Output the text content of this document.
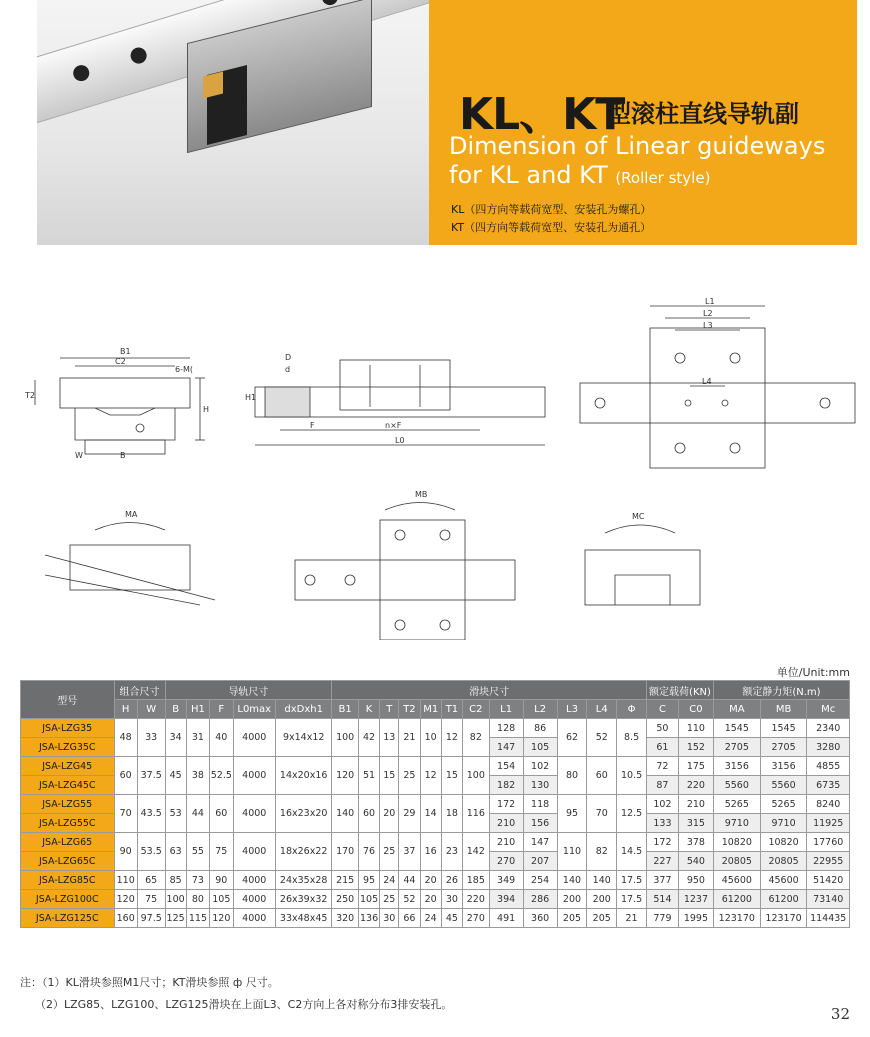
KL、KT
型滚柱直线导轨副
Dimension of Linear guideways
for KL and KT (Roller style)
KL（四方向等载荷宽型、安装孔为螺孔）
KT（四方向等载荷宽型、安装孔为通孔）
B1
C2
6-M(
T2
H
W	B
D
d
H1
F	n×F
L0
L1
L2
L3
L4
MA
MB
MC
单位/Unit:mm
型号	组合尺寸		导轨尺寸					滑块尺寸												额定载荷(KN)		额定静力矩(N.m)		
	H	W	B	H1	F	L0max	dxDxh1	B1	K	T	T2	M1	T1	C2	L1	L2	L3	L4	Φ	C	C0	MA	MB	Mc
JSA-LZG35	48	33	34	31	40	4000	9x14x12	100	42	13	21	10	12	82	128	86	62	52	8.5	50	110	1545	1545	2340
JSA-LZG35C															147	105				61	152	2705	2705	3280
JSA-LZG45	60	37.5	45	38	52.5	4000	14x20x16	120	51	15	25	12	15	100	154	102	80	60	10.5	72	175	3156	3156	4855
JSA-LZG45C															182	130				87	220	5560	5560	6735
JSA-LZG55	70	43.5	53	44	60	4000	16x23x20	140	60	20	29	14	18	116	172	118	95	70	12.5	102	210	5265	5265	8240
JSA-LZG55C															210	156				133	315	9710	9710	11925
JSA-LZG65	90	53.5	63	55	75	4000	18x26x22	170	76	25	37	16	23	142	210	147	110	82	14.5	172	378	10820	10820	17760
JSA-LZG65C															270	207				227	540	20805	20805	22955
JSA-LZG85C	110	65	85	73	90	4000	24x35x28	215	95	24	44	20	26	185	349	254	140	140	17.5	377	950	45600	45600	51420
JSA-LZG100C	120	75	100	80	105	4000	26x39x32	250	105	25	52	20	30	220	394	286	200	200	17.5	514	1237	61200	61200	73140
JSA-LZG125C	160	97.5	125	115	120	4000	33x48x45	320	136	30	66	24	45	270	491	360	205	205	21	779	1995	123170	123170	114435
注：（1）KL滑块参照M1尺寸；KT滑块参照 ф 尺寸。
（2）LZG85、LZG100、LZG125滑块在上面L3、C2方向上各对称分布3排安装孔。
32
